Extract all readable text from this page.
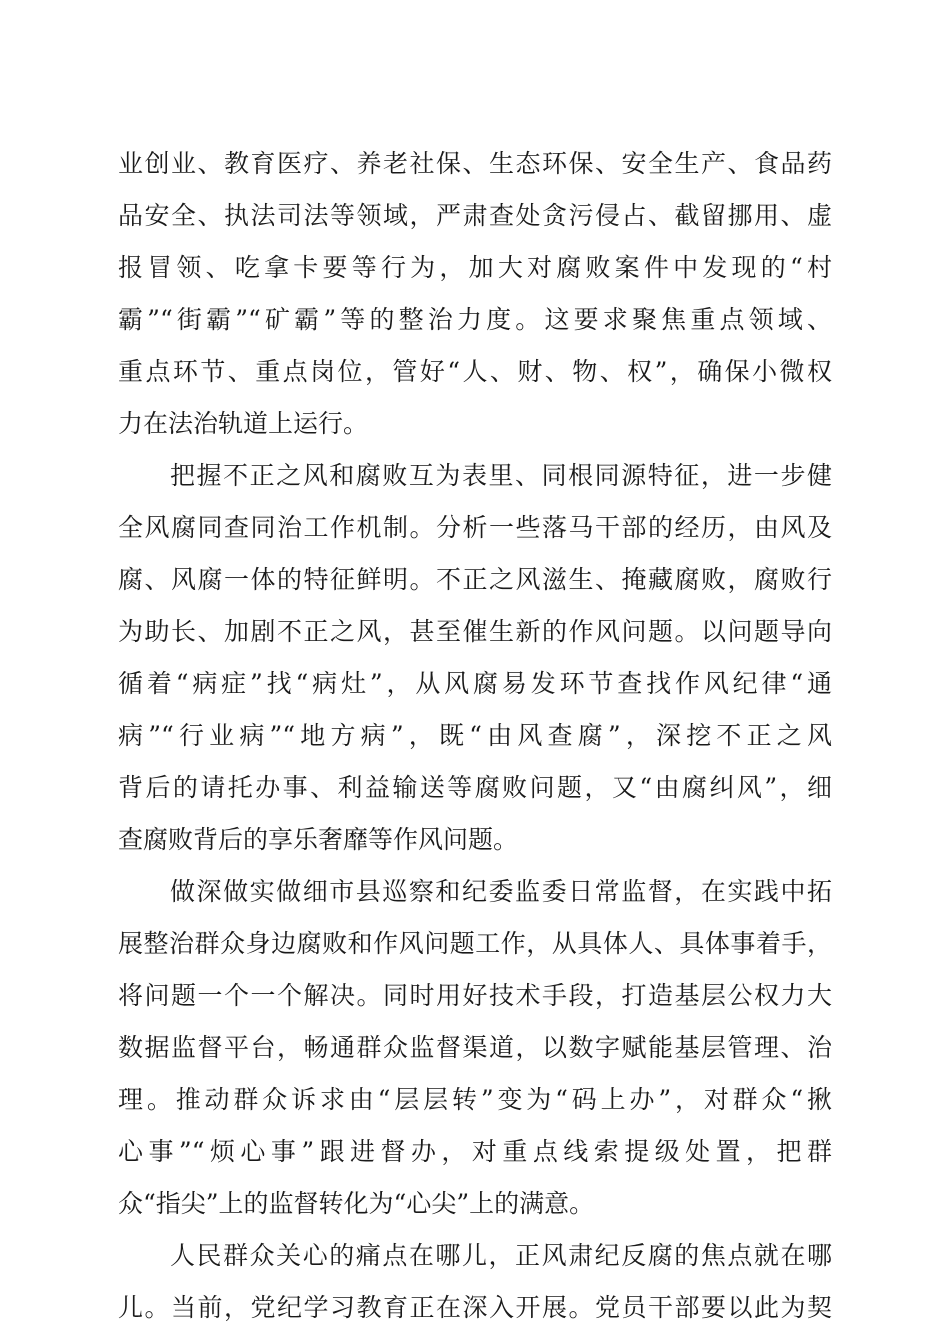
业创业、教育医疗、养老社保、生态环保、安全生产、食品药
品安全、执法司法等领域，严肃查处贪污侵占、截留挪用、虚
报冒领、吃拿卡要等行为，加大对腐败案件中发现的“村
霸”“街霸”“矿霸”等的整治力度。这要求聚焦重点领域、
重点环节、重点岗位，管好“人、财、物、权”，确保小微权
力在法治轨道上运行。
把握不正之风和腐败互为表里、同根同源特征，进一步健
全风腐同查同治工作机制。分析一些落马干部的经历，由风及
腐、风腐一体的特征鲜明。不正之风滋生、掩藏腐败，腐败行
为助长、加剧不正之风，甚至催生新的作风问题。以问题导向
循着“病症”找“病灶”，从风腐易发环节查找作风纪律“通
病”“行业病”“地方病”，既“由风查腐”，深挖不正之风
背后的请托办事、利益输送等腐败问题，又“由腐纠风”，细
查腐败背后的享乐奢靡等作风问题。
做深做实做细市县巡察和纪委监委日常监督，在实践中拓
展整治群众身边腐败和作风问题工作，从具体人、具体事着手，
将问题一个一个解决。同时用好技术手段，打造基层公权力大
数据监督平台，畅通群众监督渠道，以数字赋能基层管理、治
理。推动群众诉求由“层层转”变为“码上办”，对群众“揪
心事”“烦心事”跟进督办，对重点线索提级处置，把群
众“指尖”上的监督转化为“心尖”上的满意。
人民群众关心的痛点在哪儿，正风肃纪反腐的焦点就在哪
儿。当前，党纪学习教育正在深入开展。党员干部要以此为契
